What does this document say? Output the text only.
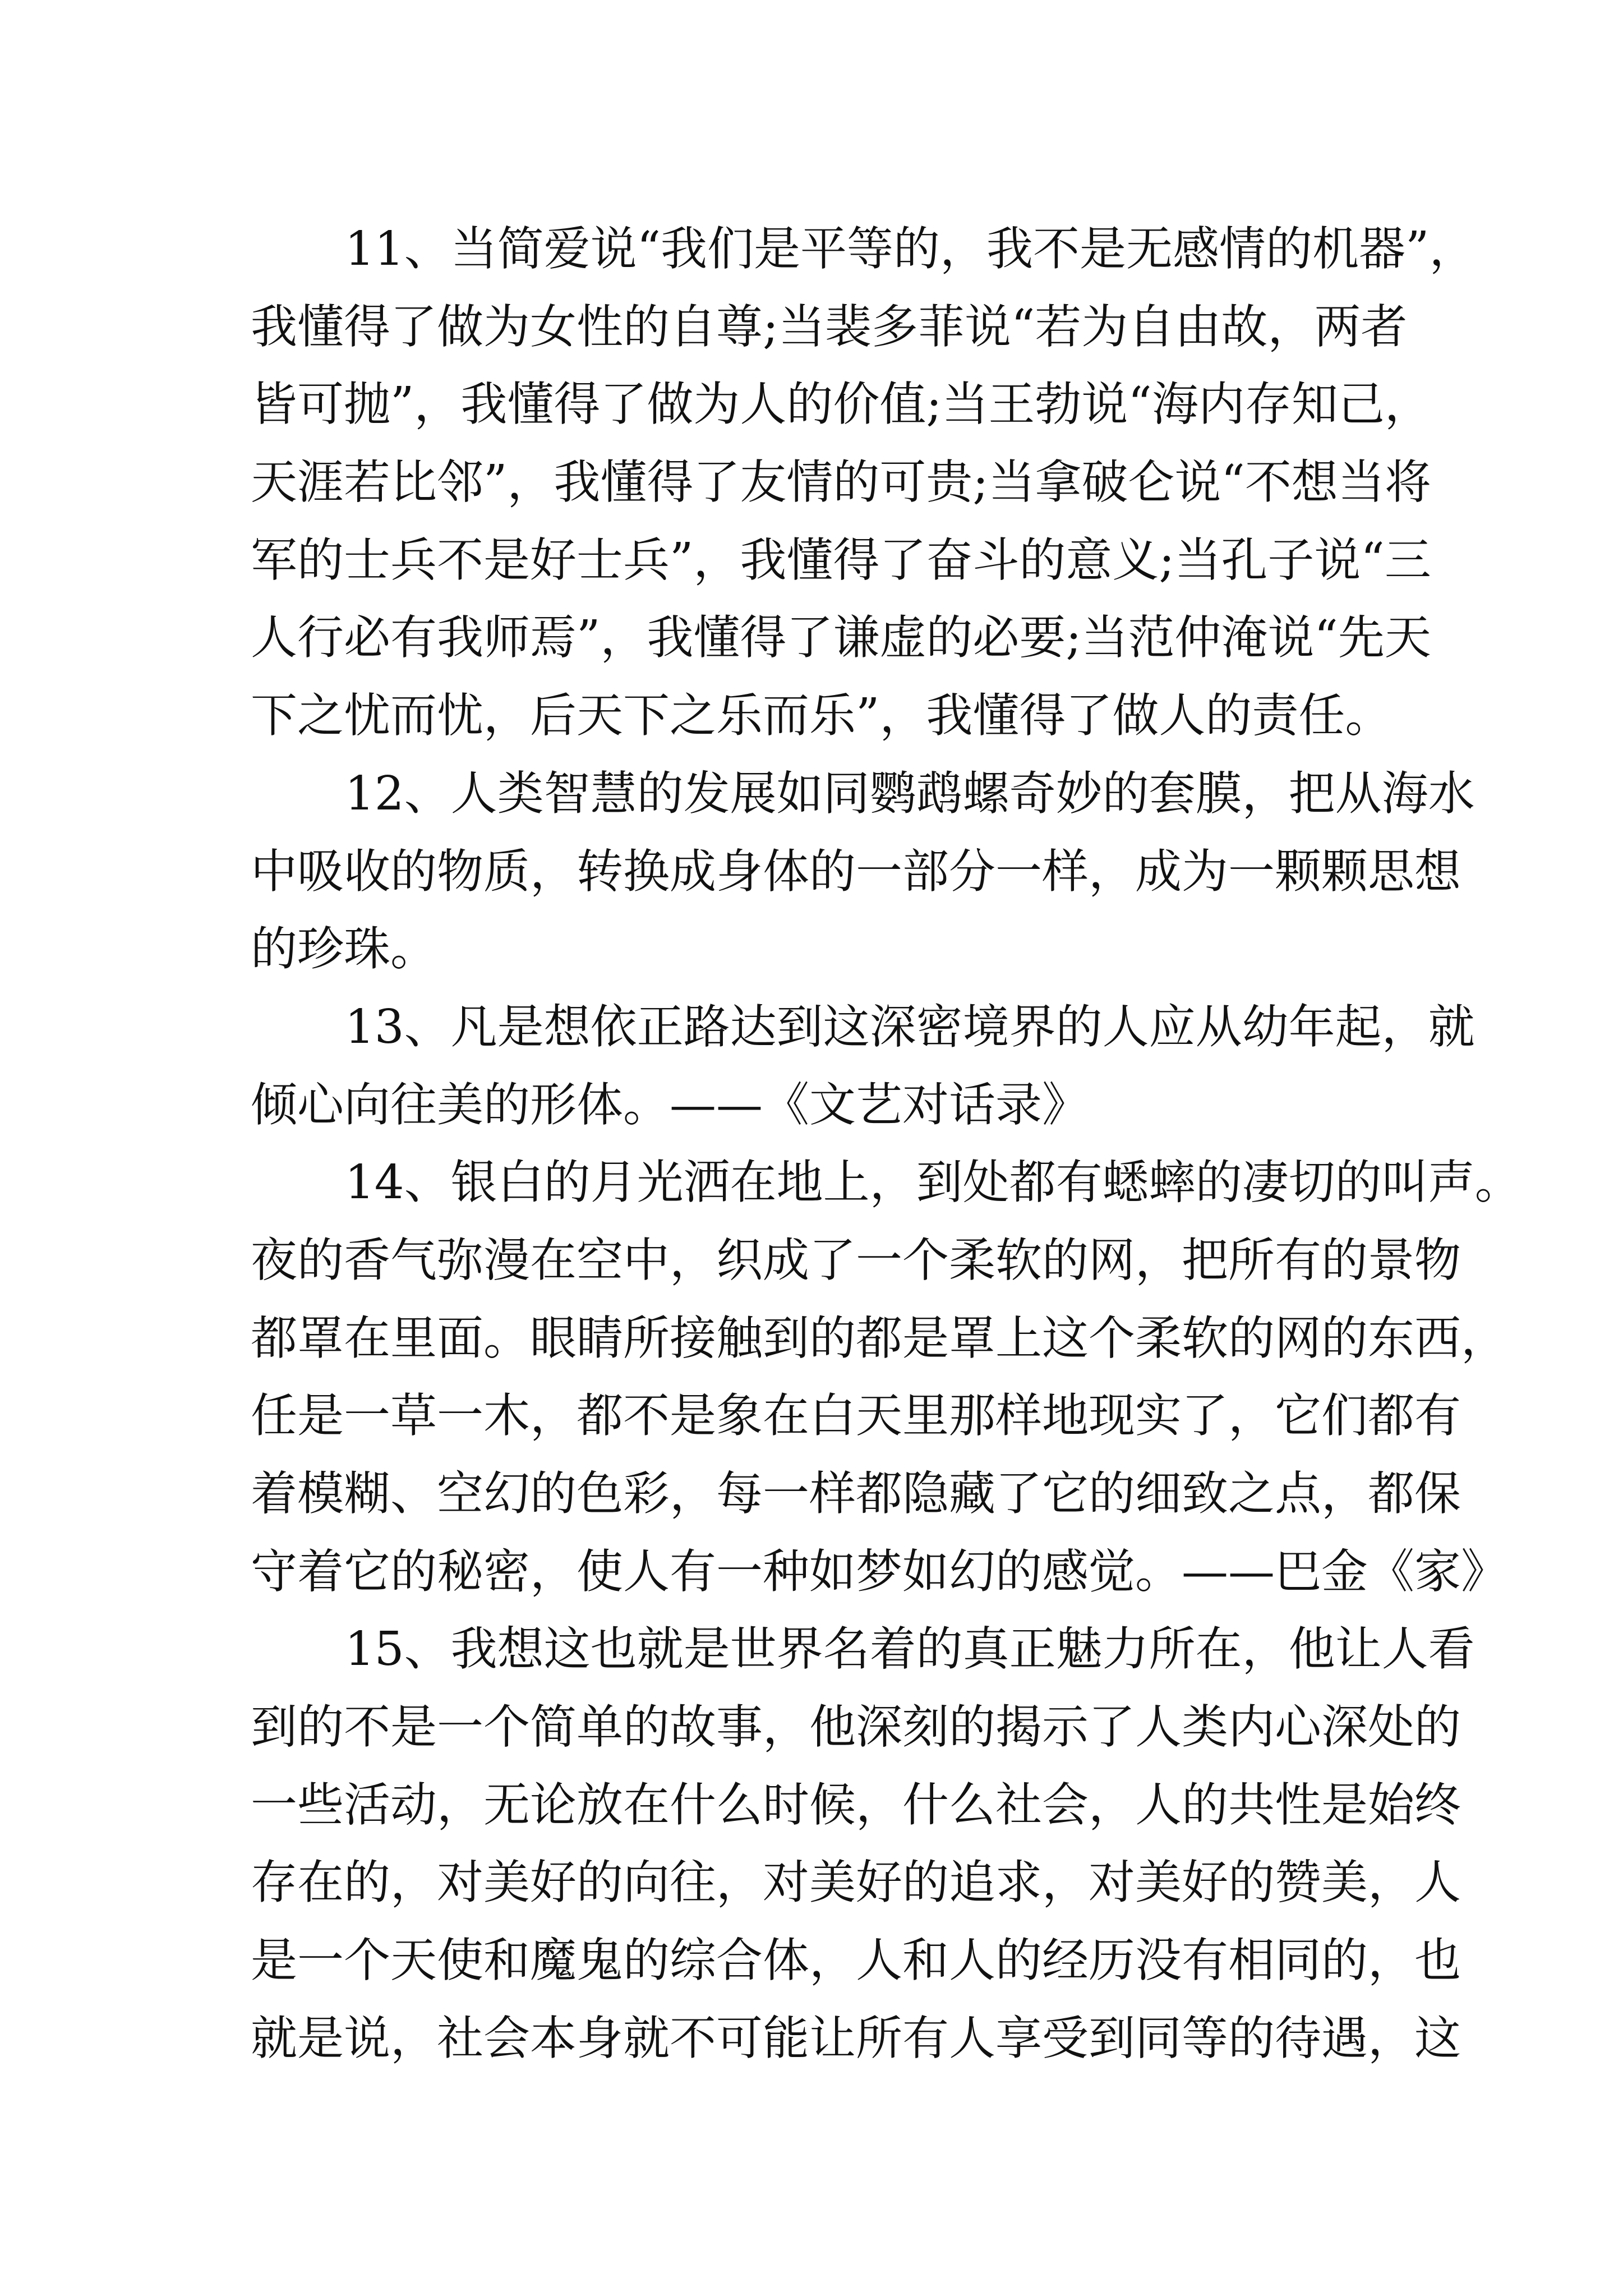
11、当简爱说“我们是平等的，我不是无感情的机器”，
我懂得了做为女性的自尊;当裴多菲说“若为自由故，两者
皆可抛”，我懂得了做为人的价值;当王勃说“海内存知己，
天涯若比邻”，我懂得了友情的可贵;当拿破仑说“不想当将
军的士兵不是好士兵”，我懂得了奋斗的意义;当孔子说“三
人行必有我师焉”，我懂得了谦虚的必要;当范仲淹说“先天
下之忧而忧，后天下之乐而乐”，我懂得了做人的责任。
12、人类智慧的发展如同鹦鹉螺奇妙的套膜，把从海水
中吸收的物质，转换成身体的一部分一样，成为一颗颗思想
的珍珠。
13、凡是想依正路达到这深密境界的人应从幼年起，就
倾心向往美的形体。——《文艺对话录》
14、银白的月光洒在地上，到处都有蟋蟀的凄切的叫声。
夜的香气弥漫在空中，织成了一个柔软的网，把所有的景物
都罩在里面。眼睛所接触到的都是罩上这个柔软的网的东西，
任是一草一木，都不是象在白天里那样地现实了，它们都有
着模糊、空幻的色彩，每一样都隐藏了它的细致之点，都保
守着它的秘密，使人有一种如梦如幻的感觉。——巴金《家》
15、我想这也就是世界名着的真正魅力所在，他让人看
到的不是一个简单的故事，他深刻的揭示了人类内心深处的
一些活动，无论放在什么时候，什么社会，人的共性是始终
存在的，对美好的向往，对美好的追求，对美好的赞美，人
是一个天使和魔鬼的综合体，人和人的经历没有相同的，也
就是说，社会本身就不可能让所有人享受到同等的待遇，这
